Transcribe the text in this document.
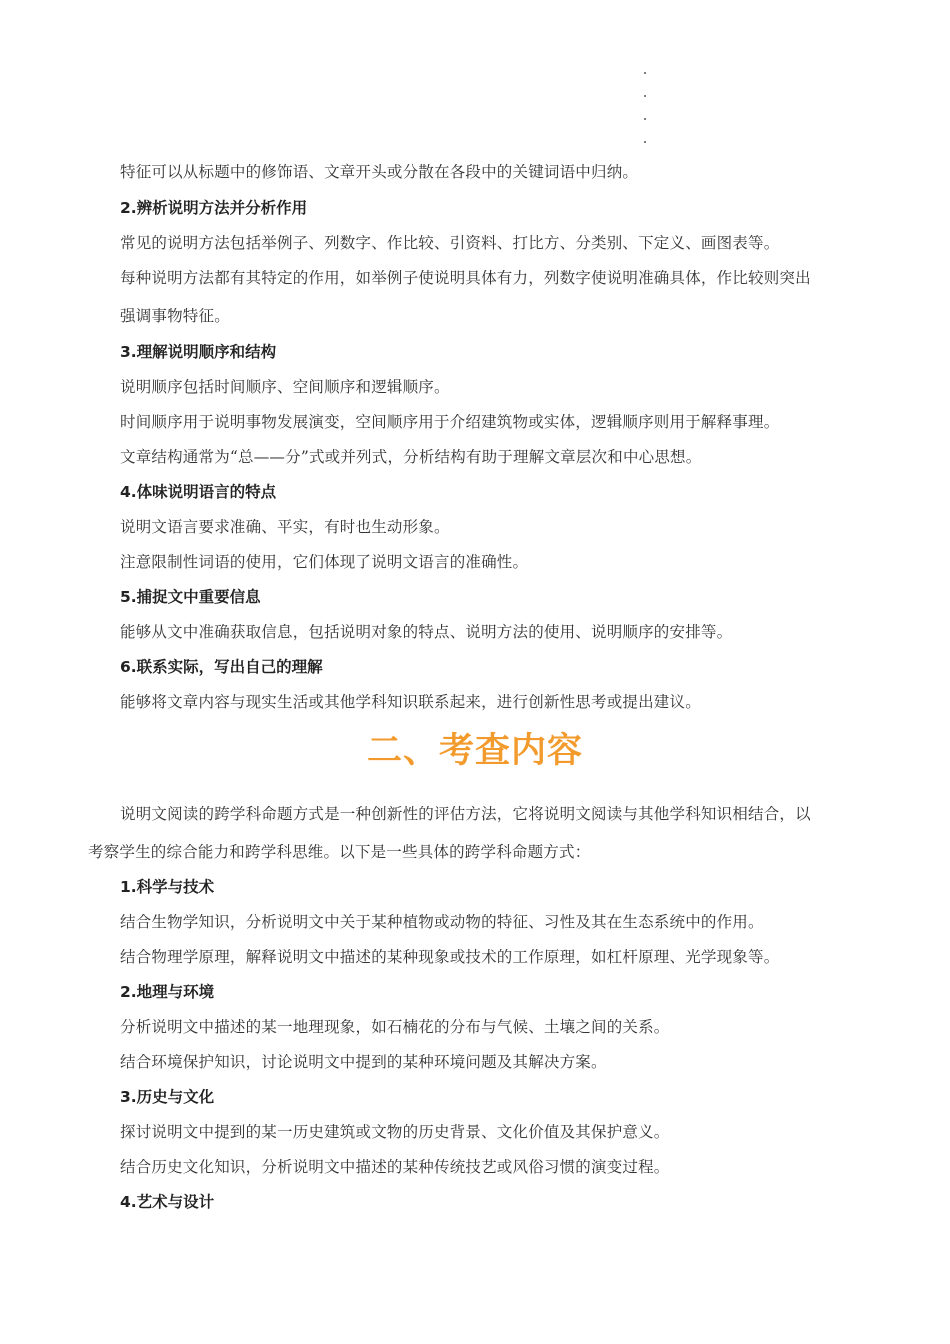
特征可以从标题中的修饰语、文章开头或分散在各段中的关键词语中归纳。
2.辨析说明方法并分析作用
常见的说明方法包括举例子、列数字、作比较、引资料、打比方、分类别、下定义、画图表等。
每种说明方法都有其特定的作用，如举例子使说明具体有力，列数字使说明准确具体，作比较则突出
强调事物特征。
3.理解说明顺序和结构
说明顺序包括时间顺序、空间顺序和逻辑顺序。
时间顺序用于说明事物发展演变，空间顺序用于介绍建筑物或实体，逻辑顺序则用于解释事理。
文章结构通常为“总——分”式或并列式，分析结构有助于理解文章层次和中心思想。
4.体味说明语言的特点
说明文语言要求准确、平实，有时也生动形象。
注意限制性词语的使用，它们体现了说明文语言的准确性。
5.捕捉文中重要信息
能够从文中准确获取信息，包括说明对象的特点、说明方法的使用、说明顺序的安排等。
6.联系实际，写出自己的理解
能够将文章内容与现实生活或其他学科知识联系起来，进行创新性思考或提出建议。
二、考查内容
说明文阅读的跨学科命题方式是一种创新性的评估方法，它将说明文阅读与其他学科知识相结合，以
考察学生的综合能力和跨学科思维。以下是一些具体的跨学科命题方式：
1.科学与技术
结合生物学知识，分析说明文中关于某种植物或动物的特征、习性及其在生态系统中的作用。
结合物理学原理，解释说明文中描述的某种现象或技术的工作原理，如杠杆原理、光学现象等。
2.地理与环境
分析说明文中描述的某一地理现象，如石楠花的分布与气候、土壤之间的关系。
结合环境保护知识，讨论说明文中提到的某种环境问题及其解决方案。
3.历史与文化
探讨说明文中提到的某一历史建筑或文物的历史背景、文化价值及其保护意义。
结合历史文化知识，分析说明文中描述的某种传统技艺或风俗习惯的演变过程。
4.艺术与设计
